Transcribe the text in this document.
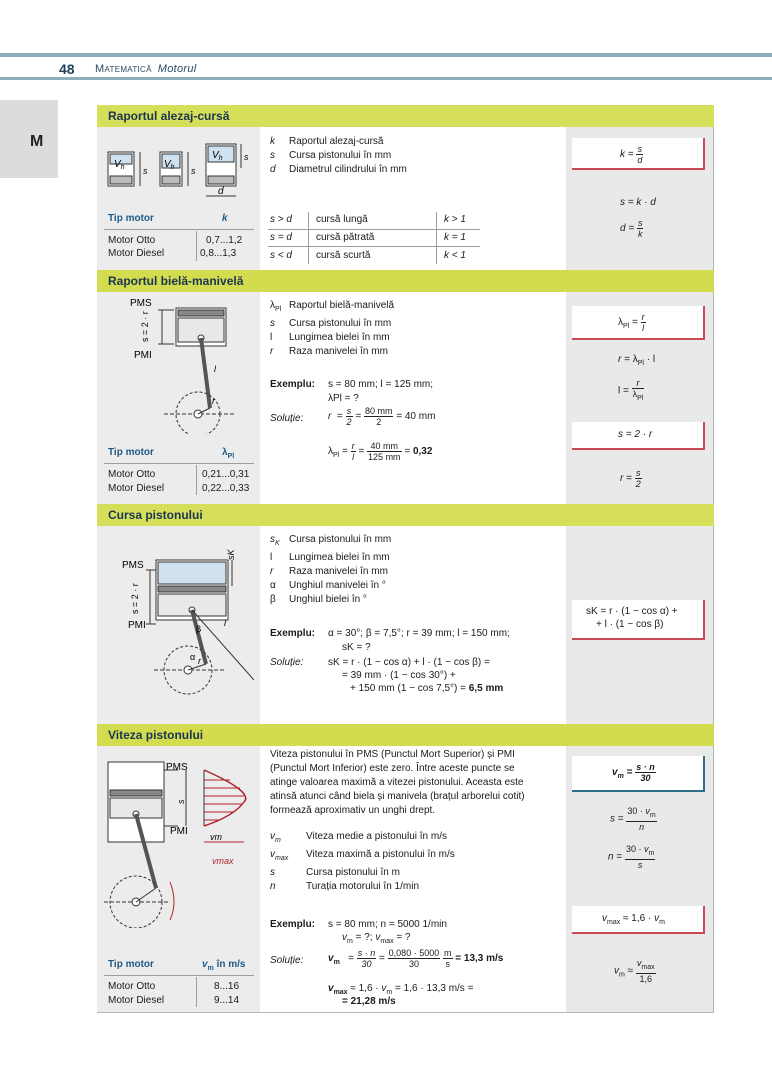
48 Matematică Motorul
M
Raportul alezaj-cursă
$V_h$ s
$V_h$ s
$V_h$ s
d
k Raportul alezaj-cursă
s Cursa pistonului în mm
d Diametrul cilindrului în mm
$k = \frac{s}{d}$
s = k · d
$d = \frac{s}{k}$
Tip motor	k
Motor Otto	0,7...1,2
Motor Diesel	0,8...1,3
s > d cursă lungă	k > 1
s = d cursă pătrată	k = 1
s < d cursă scurtă	k < 1
Raportul bielă-manivelă
PMS
PMI
s = 2 · r
l
r
$\lambda_{Pl}$ Raportul bielă-manivelă
s Cursa pistonului în mm
l Lungimea bielei în mm
r Raza manivelei în mm
Exemplu: s = 80 mm; l = 125 mm;
λPl = ?
Soluție: $r = \frac{s}{2} = \frac{80 mm}{2} = 40$ mm
$\lambda_{Pl} = \frac{r}{l} = \frac{40 mm}{125 mm} = 0,32$
$\lambda_{Pl} = \frac{r}{l}$
$r = \lambda_{Pl} \cdot l$
$l = \frac{r}{\lambda_{Pl}}$
s = 2 · r
$r = \frac{s}{2}$
Tip motor	$\lambda_{Pl}$
Motor Otto	0,21...0,31
Motor Diesel	0,22...0,33
Cursa pistonului
PMS
PMI
s = 2 · r
sK
l
r
α
β
$s_K$ Cursa pistonului în mm
l Lungimea bielei în mm
r Raza manivelei în mm
α Unghiul manivelei în °
β Unghiul bielei în °
sK = r · (1 − cos α) +
+ l · (1 − cos β)
Exemplu: α = 30°; β = 7,5°; r = 39 mm; l = 150 mm;
sK = ?
Soluție: sK = r · (1 − cos α) + l · (1 − cos β) =
= 39 mm · (1 − cos 30°) +
+ 150 mm (1 − cos 7,5°) = 6,5 mm
Viteza pistonului
PMS
PMI
s
vm
vmax
Viteza pistonului în PMS (Punctul Mort Superior) și PMI
(Punctul Mort Inferior) este zero. Între aceste puncte se
atinge valoarea maximă a vitezei pistonului. Aceasta este
atinsă atunci când biela și manivela (brațul arborelui cotit)
formează aproximativ un unghi drept.
$v_m$	Viteza medie a pistonului în m/s
$v_{max}$ Viteza maximă a pistonului în m/s
s	Cursa pistonului în m
n	Turația motorului în 1/min
$v_m = \frac{s \cdot n}{30}$
$s = \frac{30 \cdot v_m}{n}$
$n = \frac{30 \cdot v_m}{s}$
$v_{max} \approx 1,6 \cdot v_m$
$v_m \approx \frac{v_{max}}{1,6}$
Exemplu: s = 80 mm; n = 5000 1/min
$v_m$ = ?; $v_{max}$ = ?
Soluție: $v_m = \frac{s \cdot n}{30} = \frac{0,080 \cdot 5000}{30}$
$\frac{m}{s} = 13,3$ m/s
$v_{max} \approx 1,6 \cdot v_m = 1,6 \cdot 13,3$ m/s =
= 21,28 m/s
Tip motor	$v_m$ în m/s
Motor Otto	8...16
Motor Diesel	9...14
